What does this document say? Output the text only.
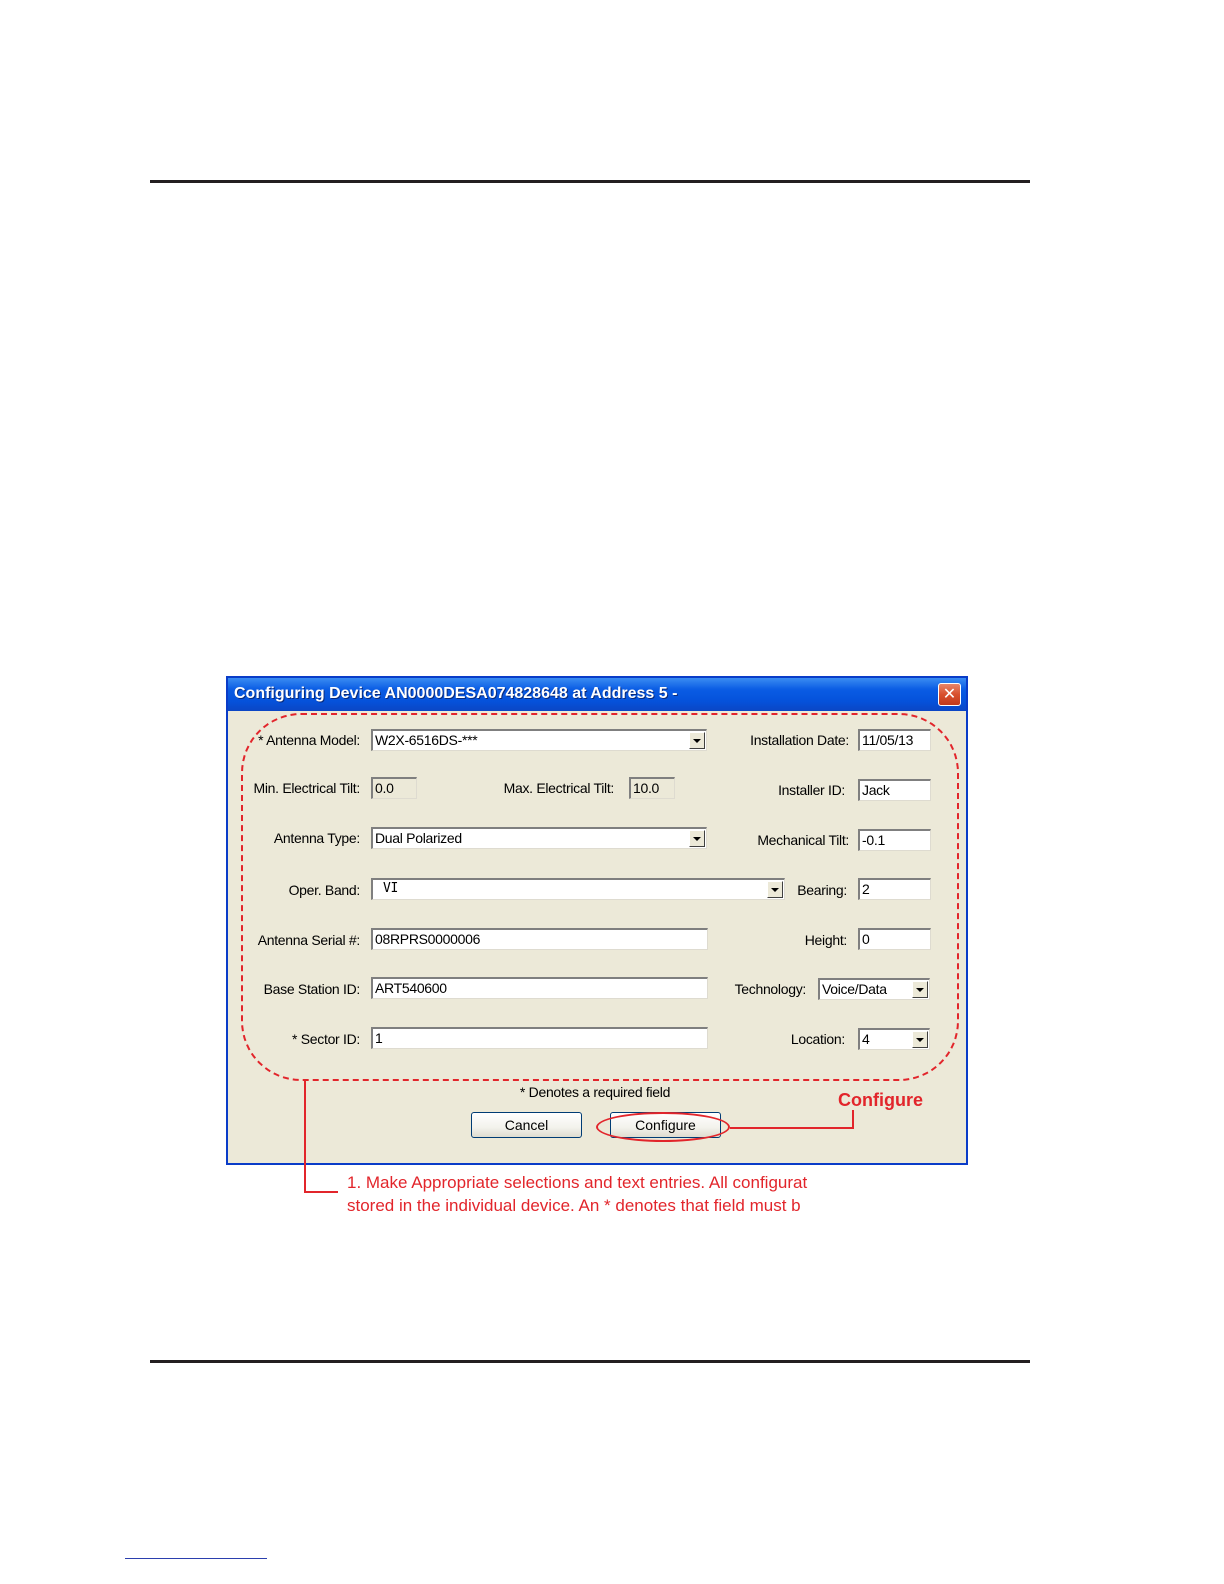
Configuring Device AN0000DESA074828648 at Address 5 -	✕
* Antenna Model: W2X-6516DS-***
Min. Electrical Tilt: 0.0	Max. Electrical Tilt: 10.0
Antenna Type: Dual Polarized
Oper. Band:	VI
Antenna Serial #: 08RPRS0000006
Base Station ID: ART540600
* Sector ID: 1
Installation Date: 11/05/13
Installer ID: Jack
Mechanical Tilt: -0.1
Bearing: 2
Height: 0
Technology: Voice/Data
Location: 4
* Denotes a required field
Cancel	Configure
Configure
1. Make Appropriate selections and text entries. All configurat
stored in the individual device. An * denotes that field must b
